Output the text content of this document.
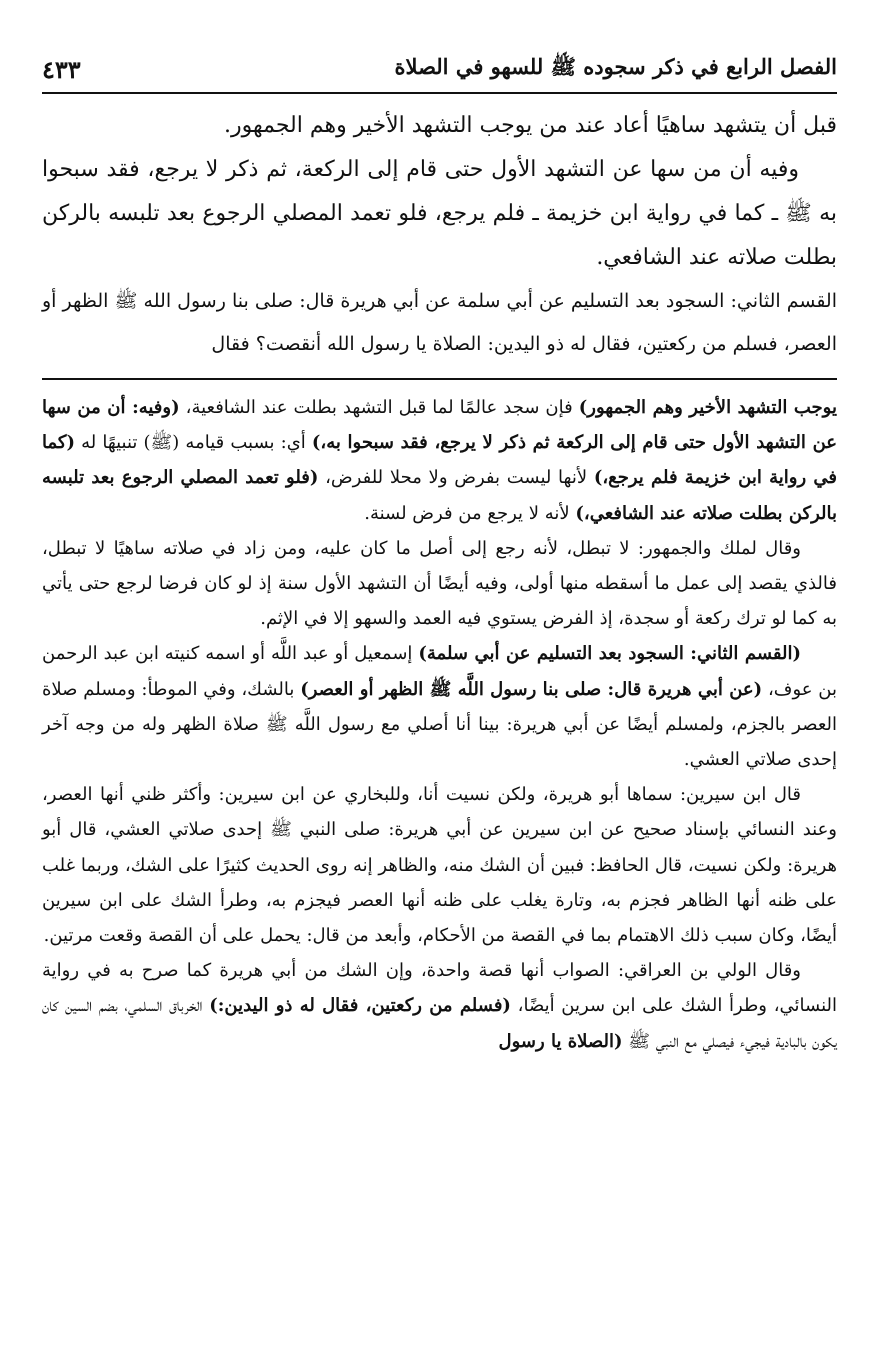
الفصل الرابع في ذكر سجوده ﷺ للسهو في الصلاة
٤٣٣

قبل أن يتشهد ساهيًا أعاد عند من يوجب التشهد الأخير وهم الجمهور.

وفيه أن من سها عن التشهد الأول حتى قام إلى الركعة، ثم ذكر لا يرجع، فقد سبحوا به ﷺ ـ كما في رواية ابن خزيمة ـ فلم يرجع، فلو تعمد المصلي الرجوع بعد تلبسه بالركن بطلت صلاته عند الشافعي.

القسم الثاني: السجود بعد التسليم عن أبي سلمة عن أبي هريرة قال: صلى بنا رسول الله ﷺ الظهر أو العصر، فسلم من ركعتين، فقال له ذو اليدين: الصلاة يا رسول الله أنقصت؟ فقال

يوجب التشهد الأخير وهم الجمهور) فإن سجد عالمًا لما قبل التشهد بطلت عند الشافعية، (وفيه: أن من سها عن التشهد الأول حتى قام إلى الركعة ثم ذكر لا يرجع، فقد سبحوا به،) أي: بسبب قيامه (ﷺ) تنبيهًا له (كما في رواية ابن خزيمة فلم يرجع،) لأنها ليست بفرض ولا محلا للفرض، (فلو تعمد المصلي الرجوع بعد تلبسه بالركن بطلت صلاته عند الشافعي،) لأنه لا يرجع من فرض لسنة.

وقال لملك والجمهور: لا تبطل، لأنه رجع إلى أصل ما كان عليه، ومن زاد في صلاته ساهيًا لا تبطل، فالذي يقصد إلى عمل ما أسقطه منها أولى، وفيه أيضًا أن التشهد الأول سنة إذ لو كان فرضا لرجع حتى يأتي به كما لو ترك ركعة أو سجدة، إذ الفرض يستوي فيه العمد والسهو إلا في الإثم.

(القسم الثاني: السجود بعد التسليم عن أبي سلمة) إسمعيل أو عبد اللَّه أو اسمه كنيته ابن عبد الرحمن بن عوف، (عن أبي هريرة قال: صلى بنا رسول اللَّه ﷺ الظهر أو العصر) بالشك، وفي الموطأ: ومسلم صلاة العصر بالجزم، ولمسلم أيضًا عن أبي هريرة: بينا أنا أصلي مع رسول اللَّه ﷺ صلاة الظهر وله من وجه آخر إحدى صلاتي العشي.

قال ابن سيرين: سماها أبو هريرة، ولكن نسيت أنا، وللبخاري عن ابن سيرين: وأكثر ظني أنها العصر، وعند النسائي بإسناد صحيح عن ابن سيرين عن أبي هريرة: صلى النبي ﷺ إحدى صلاتي العشي، قال أبو هريرة: ولكن نسيت، قال الحافظ: فبين أن الشك منه، والظاهر إنه روى الحديث كثيرًا على الشك، وربما غلب على ظنه أنها الظاهر فجزم به، وتارة يغلب على ظنه أنها العصر فيجزم به، وطرأ الشك على ابن سيرين أيضًا، وكان سبب ذلك الاهتمام بما في القصة من الأحكام، وأبعد من قال: يحمل على أن القصة وقعت مرتين.

وقال الولي بن العراقي: الصواب أنها قصة واحدة، وإن الشك من أبي هريرة كما صرح به في رواية النسائي، وطرأ الشك على ابن سرين أيضًا، (فسلم من ركعتين، فقال له ذو اليدين:) الخرباق السلمي، بضم السين كان يكون بالبادية فيجيء فيصلي مع النبي ﷺ (الصلاة يا رسول
